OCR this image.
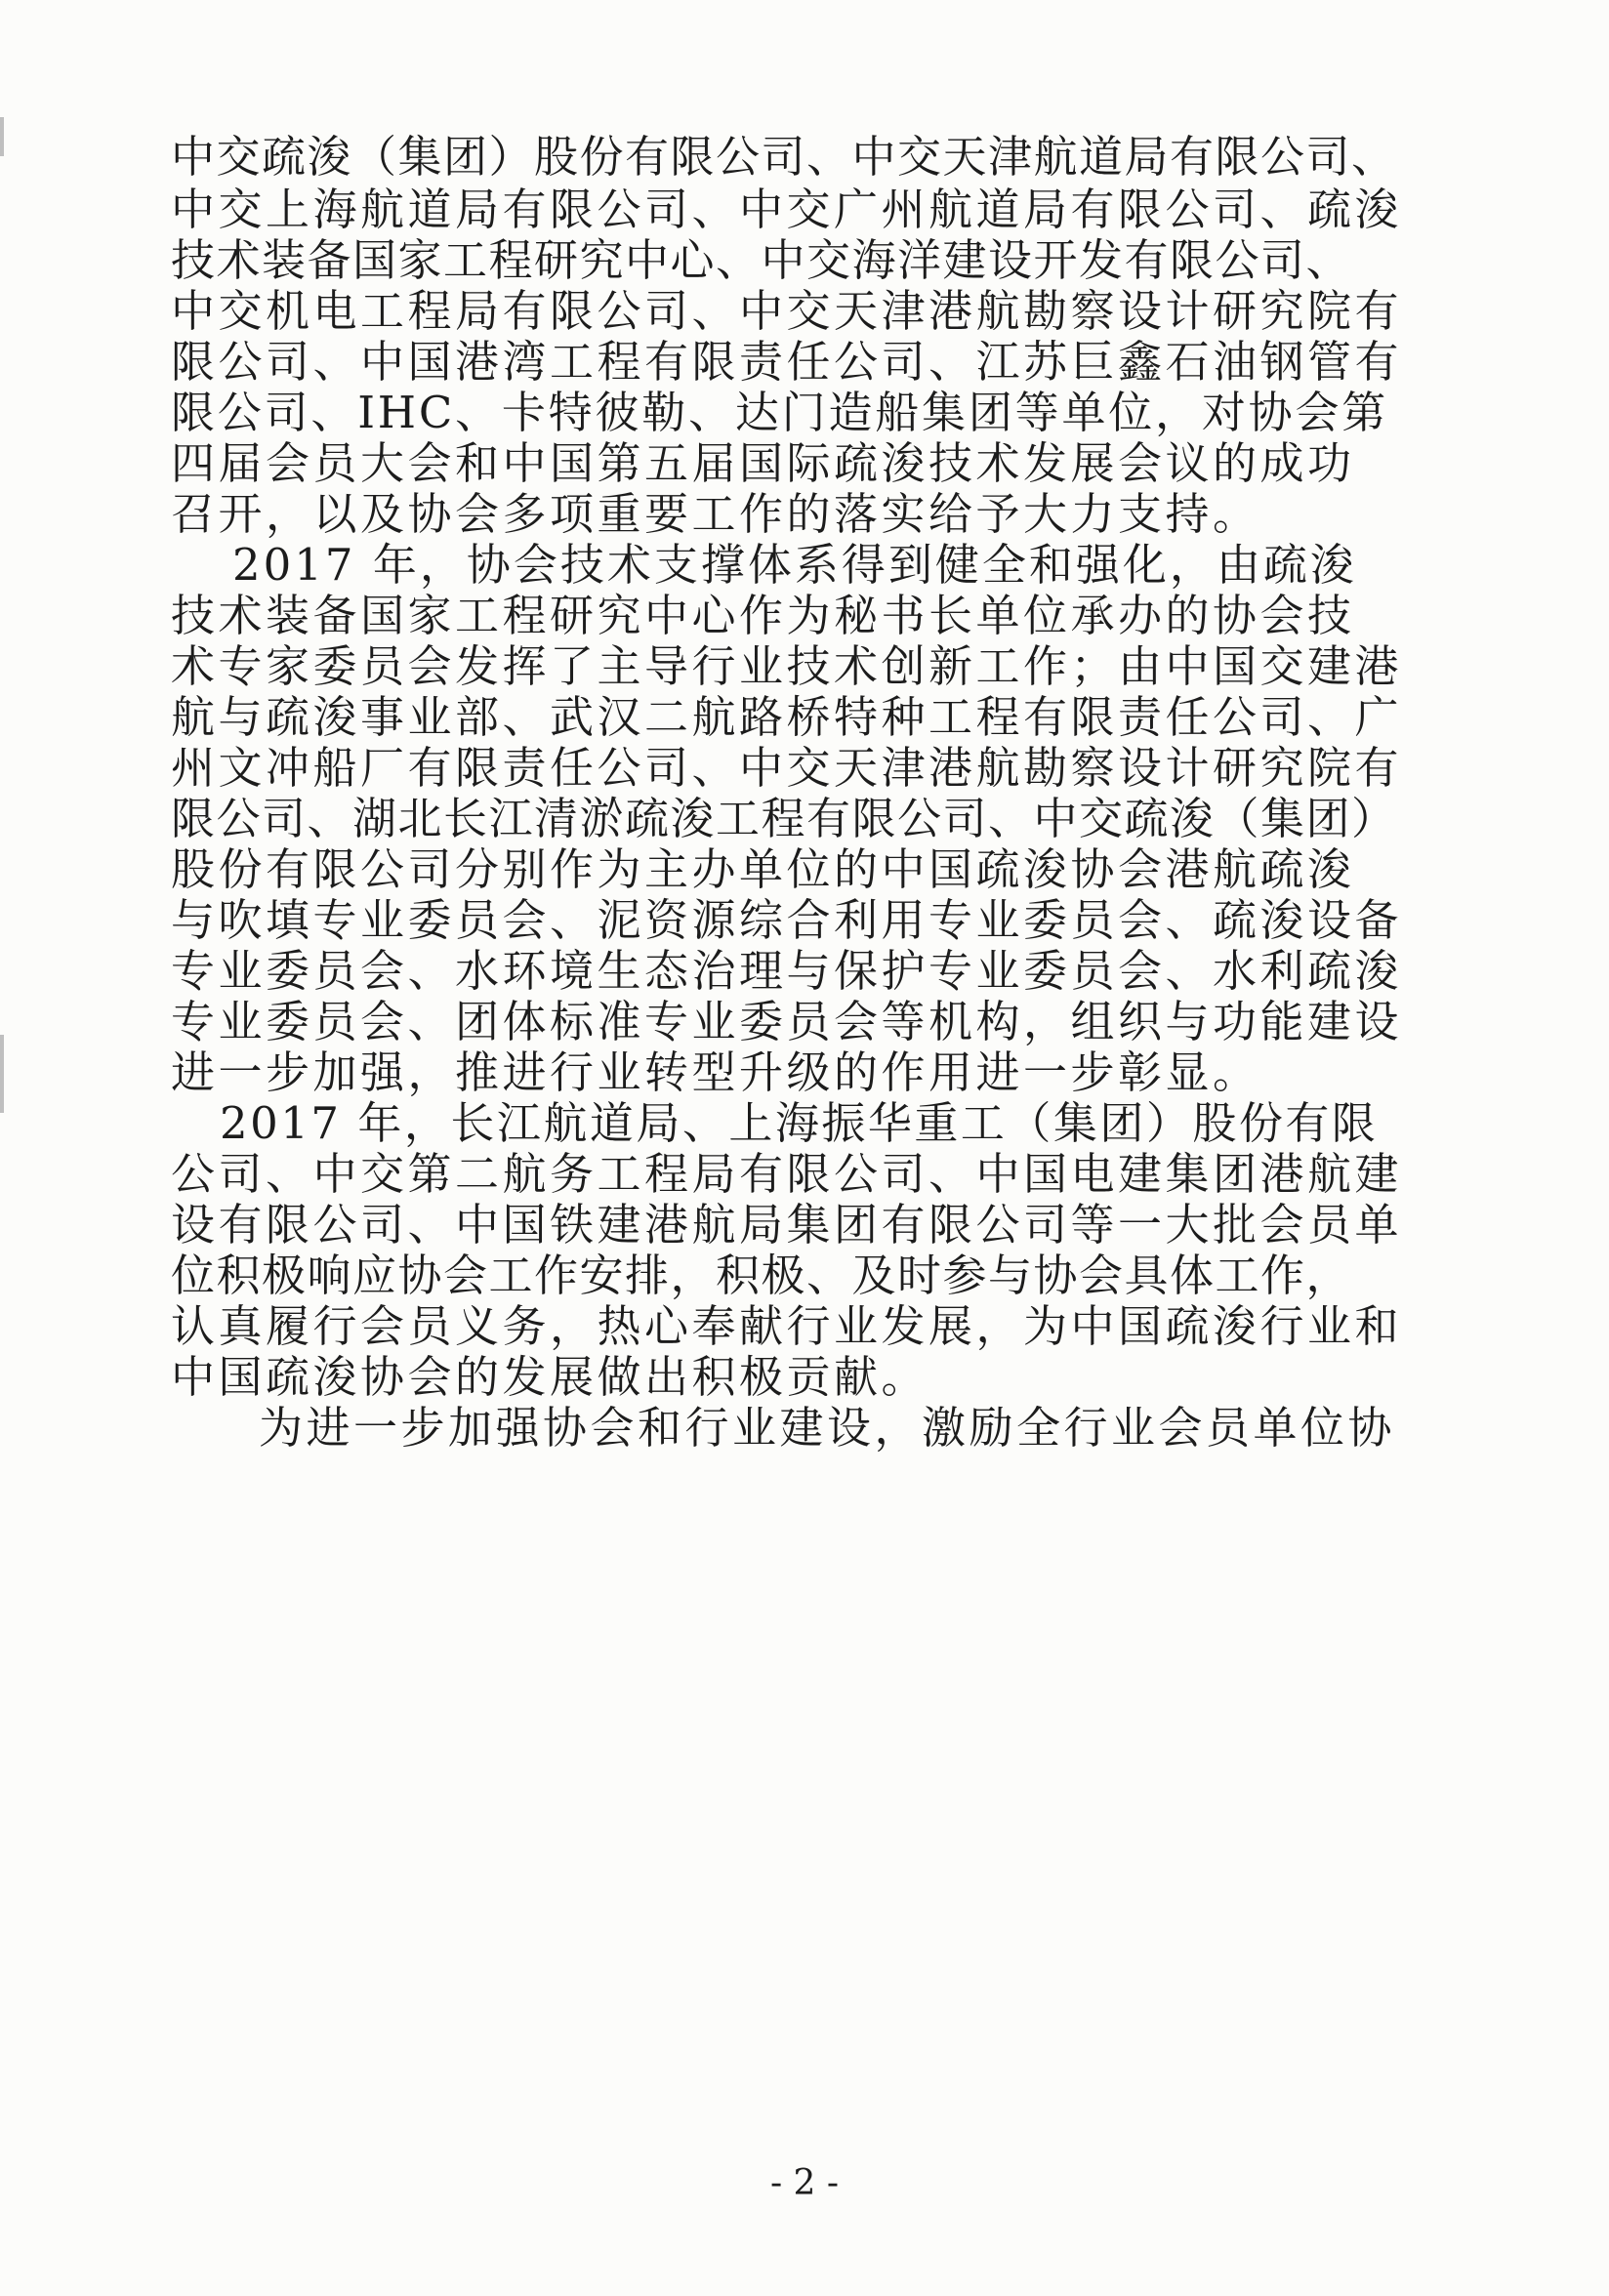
中交疏浚（集团）股份有限公司、中交天津航道局有限公司、
中交上海航道局有限公司、中交广州航道局有限公司、疏浚
技术装备国家工程研究中心、中交海洋建设开发有限公司、
中交机电工程局有限公司、中交天津港航勘察设计研究院有
限公司、中国港湾工程有限责任公司、江苏巨鑫石油钢管有
限公司、IHC、卡特彼勒、达门造船集团等单位，对协会第
四届会员大会和中国第五届国际疏浚技术发展会议的成功
召开，以及协会多项重要工作的落实给予大力支持。
2017 年，协会技术支撑体系得到健全和强化，由疏浚
技术装备国家工程研究中心作为秘书长单位承办的协会技
术专家委员会发挥了主导行业技术创新工作；由中国交建港
航与疏浚事业部、武汉二航路桥特种工程有限责任公司、广
州文冲船厂有限责任公司、中交天津港航勘察设计研究院有
限公司、湖北长江清淤疏浚工程有限公司、中交疏浚（集团）
股份有限公司分别作为主办单位的中国疏浚协会港航疏浚
与吹填专业委员会、泥资源综合利用专业委员会、疏浚设备
专业委员会、水环境生态治理与保护专业委员会、水利疏浚
专业委员会、团体标准专业委员会等机构，组织与功能建设
进一步加强，推进行业转型升级的作用进一步彰显。
2017 年，长江航道局、上海振华重工（集团）股份有限
公司、中交第二航务工程局有限公司、中国电建集团港航建
设有限公司、中国铁建港航局集团有限公司等一大批会员单
位积极响应协会工作安排，积极、及时参与协会具体工作，
认真履行会员义务，热心奉献行业发展，为中国疏浚行业和
中国疏浚协会的发展做出积极贡献。
为进一步加强协会和行业建设，激励全行业会员单位协
- 2 -
